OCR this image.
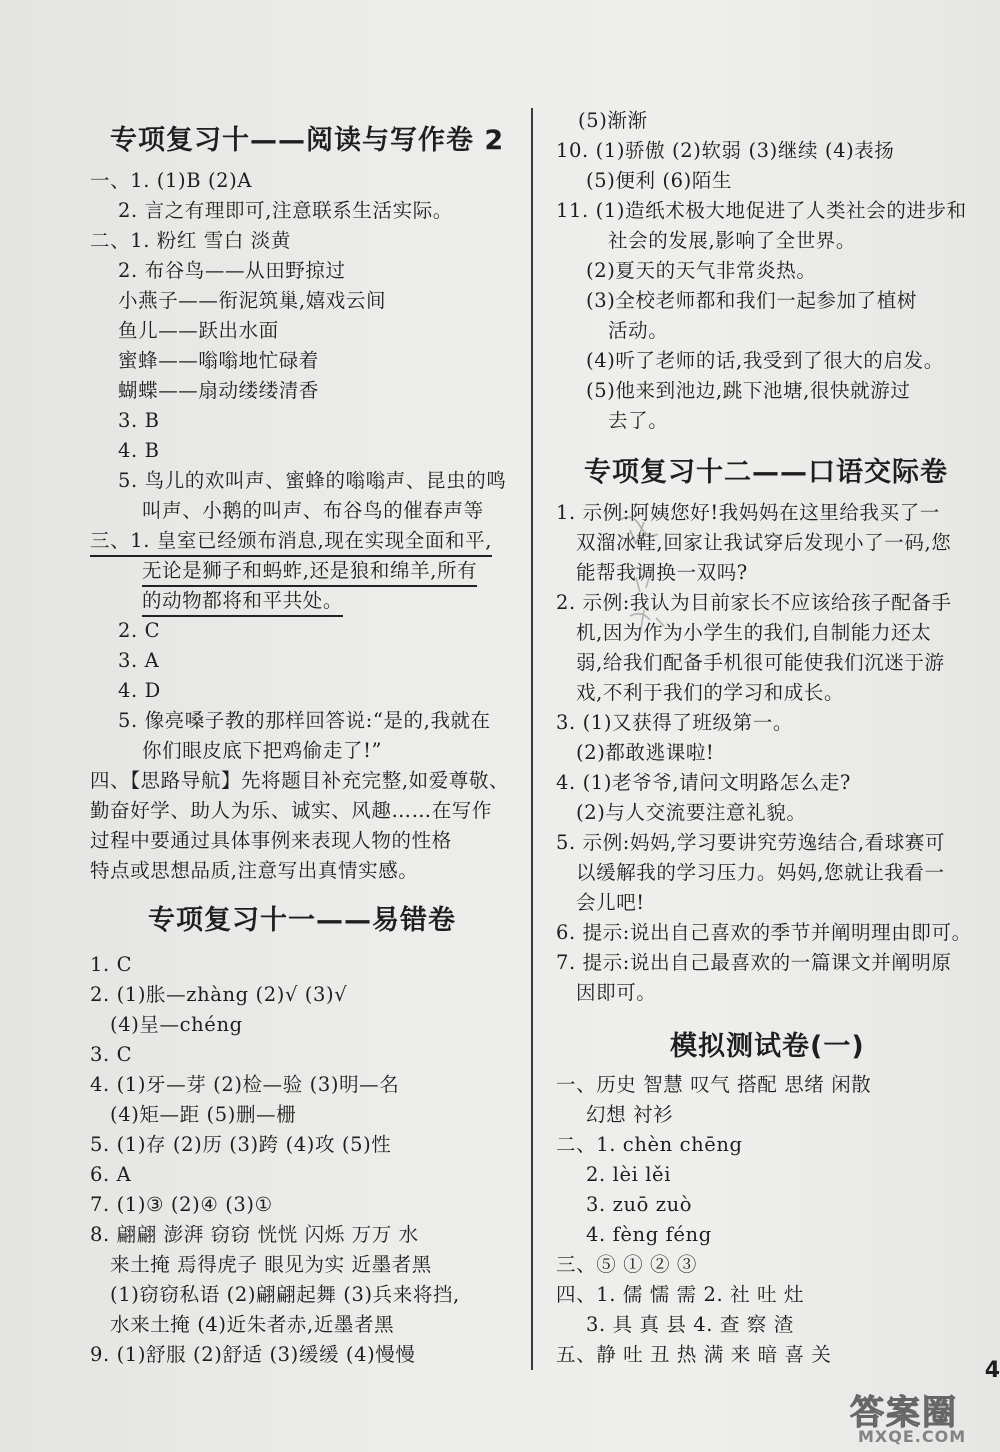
专项复习十——阅读与写作卷 2
一、1. (1)B (2)A
2. 言之有理即可,注意联系生活实际。
二、1. 粉红 雪白 淡黄
2. 布谷鸟——从田野掠过
小燕子——衔泥筑巢,嬉戏云间
鱼儿——跃出水面
蜜蜂——嗡嗡地忙碌着
蝴蝶——扇动缕缕清香
3. B
4. B
5. 鸟儿的欢叫声、蜜蜂的嗡嗡声、昆虫的鸣
叫声、小鹅的叫声、布谷鸟的催春声等
三、1. 皇室已经颁布消息,现在实现全面和平,
无论是狮子和蚂蚱,还是狼和绵羊,所有
的动物都将和平共处。
2. C
3. A
4. D
5. 像亮嗓子教的那样回答说:“是的,我就在
你们眼皮底下把鸡偷走了!”
四、【思路导航】先将题目补充完整,如爱尊敬、
勤奋好学、助人为乐、诚实、风趣……在写作
过程中要通过具体事例来表现人物的性格
特点或思想品质,注意写出真情实感。
专项复习十一——易错卷
1. C
2. (1)胀—zhàng (2)√ (3)√
(4)呈—chéng
3. C
4. (1)牙—芽 (2)检—验 (3)明—名
(4)矩—距 (5)删—栅
5. (1)存 (2)历 (3)跨 (4)攻 (5)性
6. A
7. (1)③ (2)④ (3)①
8. 翩翩 澎湃 窃窃 恍恍 闪烁 万万 水
来土掩 焉得虎子 眼见为实 近墨者黑
(1)窃窃私语 (2)翩翩起舞 (3)兵来将挡,
水来土掩 (4)近朱者赤,近墨者黑
9. (1)舒服 (2)舒适 (3)缓缓 (4)慢慢
(5)渐渐
10. (1)骄傲 (2)软弱 (3)继续 (4)表扬
(5)便利 (6)陌生
11. (1)造纸术极大地促进了人类社会的进步和
社会的发展,影响了全世界。
(2)夏天的天气非常炎热。
(3)全校老师都和我们一起参加了植树
活动。
(4)听了老师的话,我受到了很大的启发。
(5)他来到池边,跳下池塘,很快就游过
去了。
专项复习十二——口语交际卷
1. 示例:阿姨您好!我妈妈在这里给我买了一
双溜冰鞋,回家让我试穿后发现小了一码,您
能帮我调换一双吗?
2. 示例:我认为目前家长不应该给孩子配备手
机,因为作为小学生的我们,自制能力还太
弱,给我们配备手机很可能使我们沉迷于游
戏,不利于我们的学习和成长。
3. (1)又获得了班级第一。
(2)都敢逃课啦!
4. (1)老爷爷,请问文明路怎么走?
(2)与人交流要注意礼貌。
5. 示例:妈妈,学习要讲究劳逸结合,看球赛可
以缓解我的学习压力。妈妈,您就让我看一
会儿吧!
6. 提示:说出自己喜欢的季节并阐明理由即可。
7. 提示:说出自己最喜欢的一篇课文并阐明原
因即可。
模拟测试卷(一)
一、历史 智慧 叹气 搭配 思绪 闲散
幻想 衬衫
二、1. chèn chēng
2. lèi lěi
3. zuō zuò
4. fèng féng
三、⑤ ① ② ③
四、1. 儒 懦 需 2. 社 吐 灶
3. 具 真 县 4. 查 察 渣
五、静 吐 丑 热 满 来 暗 喜 关
4
答案圈
MXQE.COM
